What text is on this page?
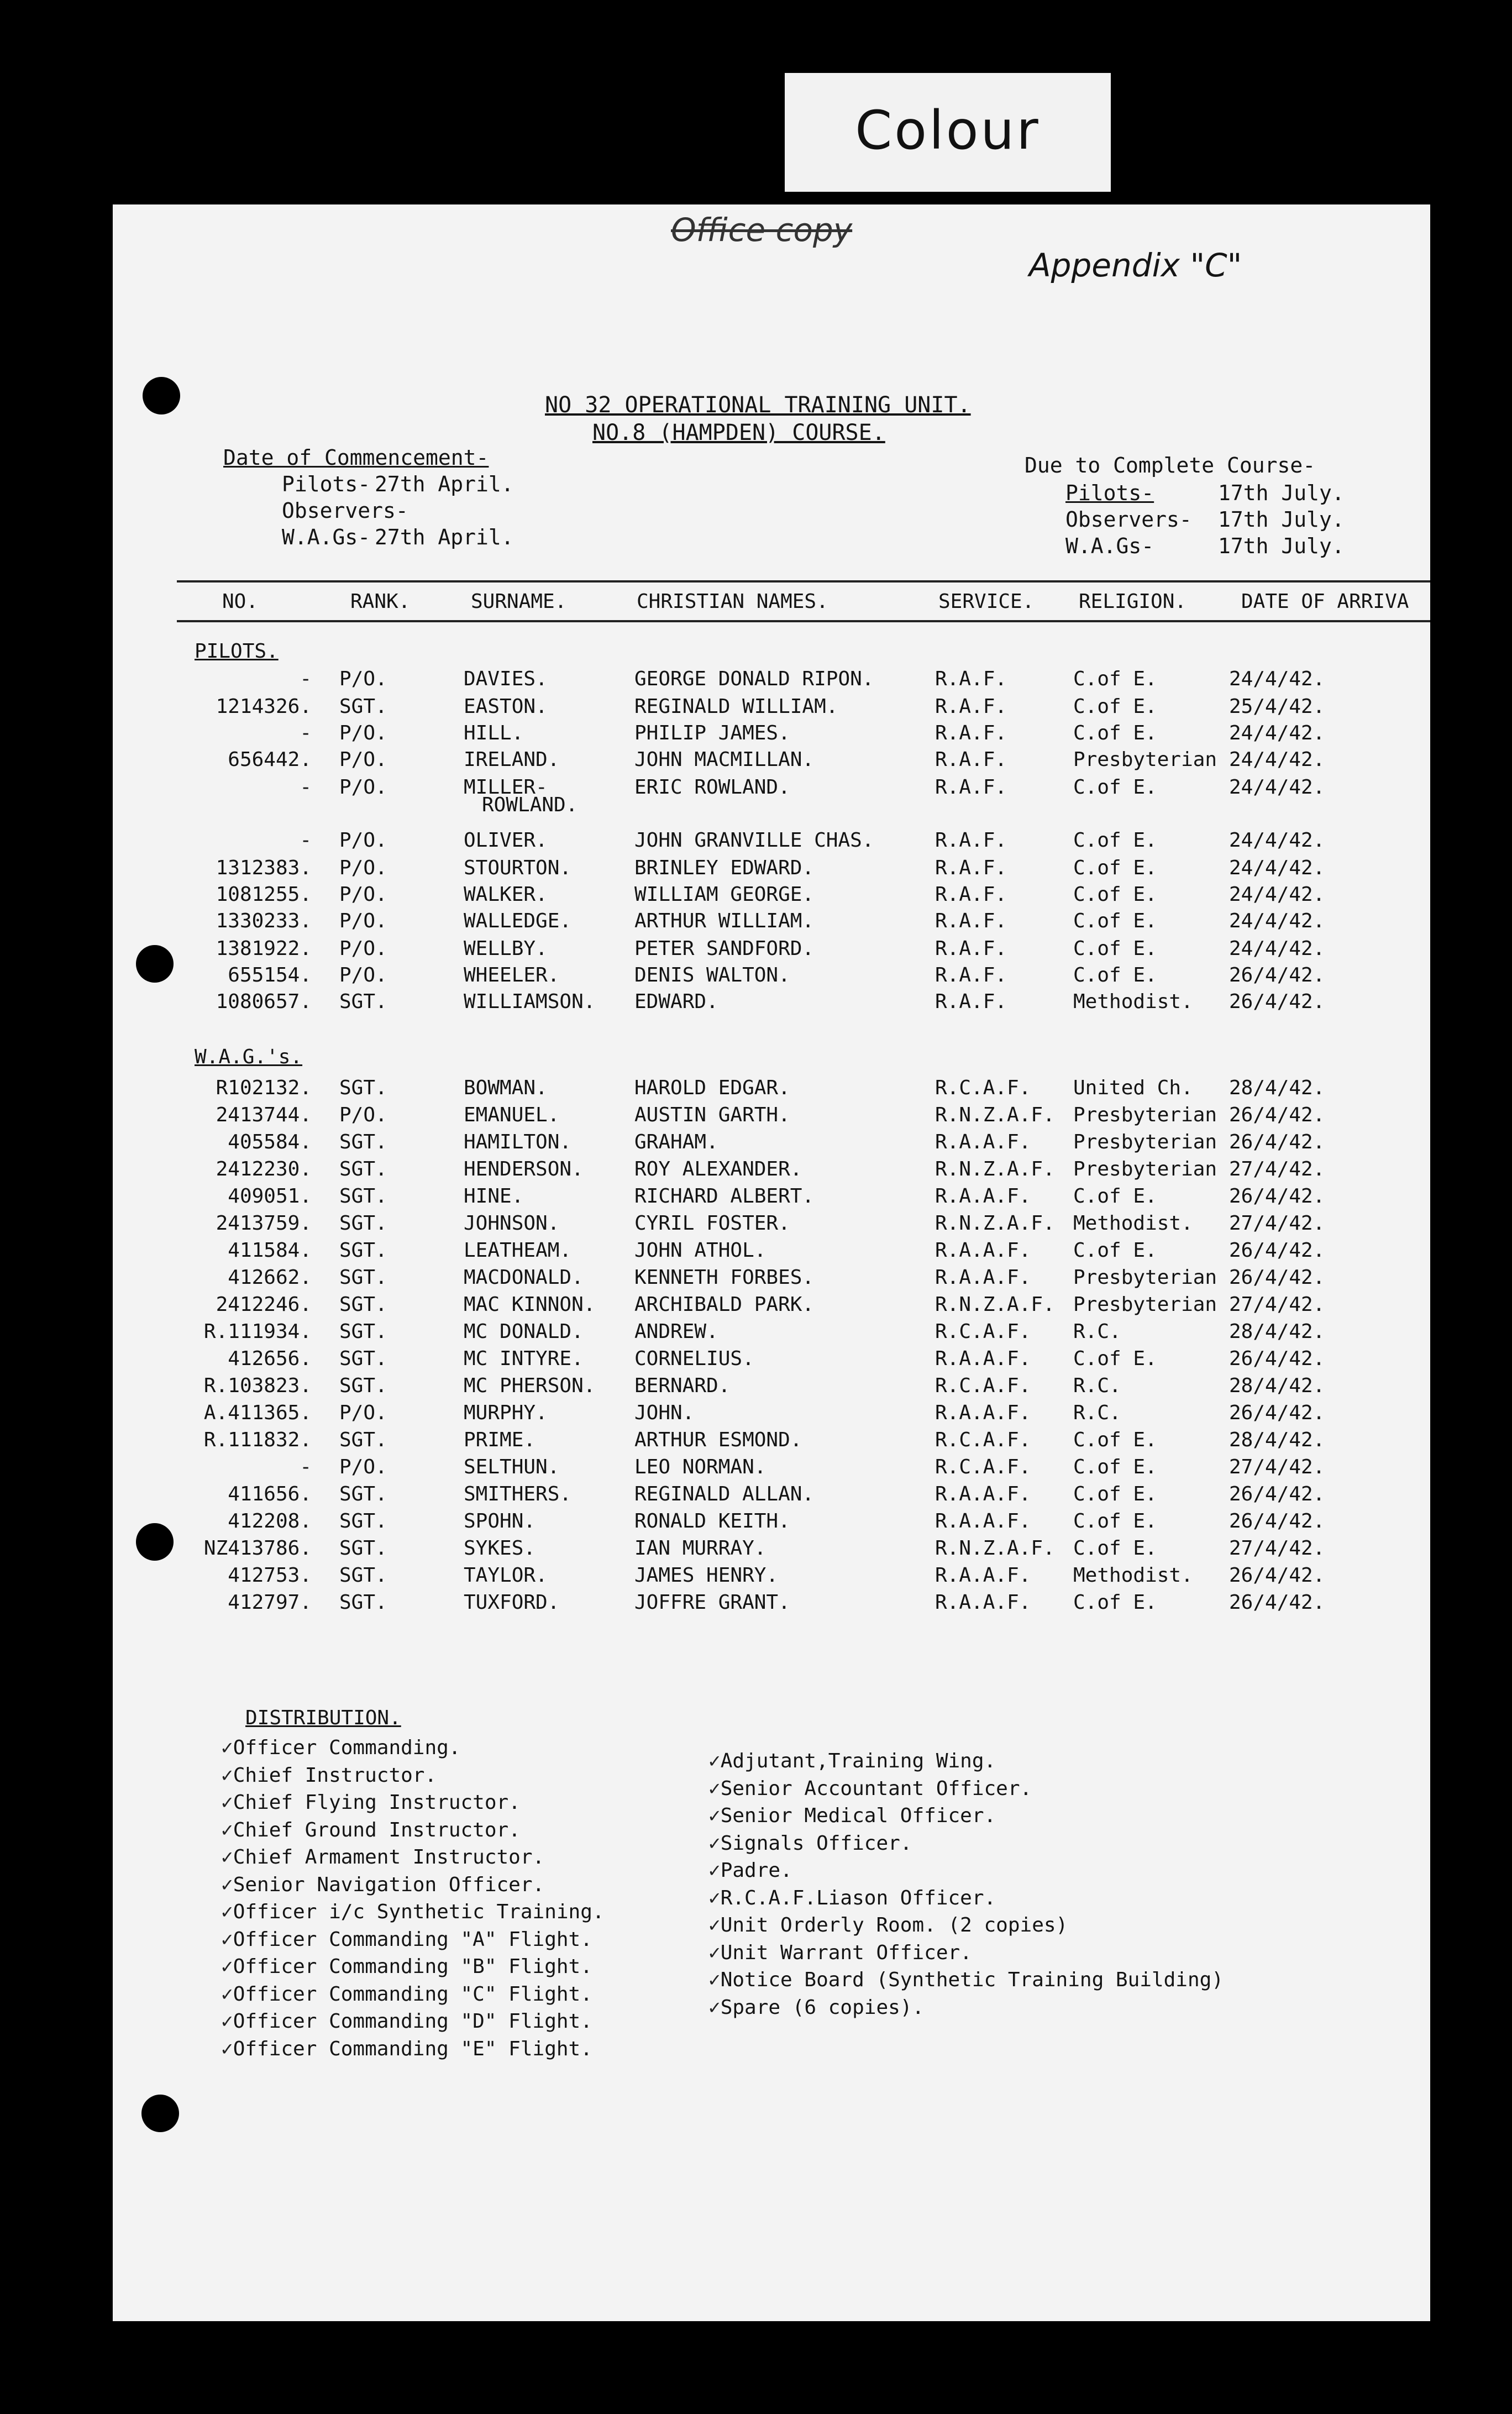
Colour
Office copy
Appendix "C"
NO 32 OPERATIONAL TRAINING UNIT.
NO.8 (HAMPDEN) COURSE.
Date of Commencement-
Pilots- 27th April.
Observers-
W.A.Gs- 27th April.
Due to Complete Course-
Pilots-	17th July.
Observers- 17th July.
W.A.Gs-	17th July.
NO.	RANK.	SURNAME.	CHRISTIAN NAMES.	SERVICE. RELIGION.	DATE OF ARRIVA
PILOTS.
- P/O.	DAVIES.	GEORGE DONALD RIPON.	R.A.F.	C.of E.	24/4/42.
1214326. SGT.	EASTON.	REGINALD WILLIAM.	R.A.F.	C.of E.	25/4/42.
- P/O.	HILL.	PHILIP JAMES.	R.A.F.	C.of E.	24/4/42.
656442. P/O.	IRELAND.	JOHN MACMILLAN.	R.A.F.	Presbyterian 24/4/42.
- P/O.	MILLER-	ERIC ROWLAND.	R.A.F.	C.of E.	24/4/42.
ROWLAND.
- P/O.	OLIVER.	JOHN GRANVILLE CHAS.	R.A.F.	C.of E.	24/4/42.
1312383. P/O.	STOURTON.	BRINLEY EDWARD.	R.A.F.	C.of E.	24/4/42.
1081255. P/O.	WALKER.	WILLIAM GEORGE.	R.A.F.	C.of E.	24/4/42.
1330233. P/O.	WALLEDGE.	ARTHUR WILLIAM.	R.A.F.	C.of E.	24/4/42.
1381922. P/O.	WELLBY.	PETER SANDFORD.	R.A.F.	C.of E.	24/4/42.
655154. P/O.	WHEELER.	DENIS WALTON.	R.A.F.	C.of E.	26/4/42.
1080657. SGT.	WILLIAMSON. EDWARD.	R.A.F.	Methodist. 26/4/42.
W.A.G.'s.
R102132. SGT.	BOWMAN.	HAROLD EDGAR.	R.C.A.F. United Ch. 28/4/42.
2413744. P/O.	EMANUEL.	AUSTIN GARTH.	R.N.Z.A.F. Presbyterian 26/4/42.
405584. SGT.	HAMILTON.	GRAHAM.	R.A.A.F. Presbyterian 26/4/42.
2412230. SGT.	HENDERSON.	ROY ALEXANDER.	R.N.Z.A.F. Presbyterian 27/4/42.
409051. SGT.	HINE.	RICHARD ALBERT.	R.A.A.F. C.of E.	26/4/42.
2413759. SGT.	JOHNSON.	CYRIL FOSTER.	R.N.Z.A.F. Methodist. 27/4/42.
411584. SGT.	LEATHEAM.	JOHN ATHOL.	R.A.A.F. C.of E.	26/4/42.
412662. SGT.	MACDONALD.	KENNETH FORBES.	R.A.A.F. Presbyterian 26/4/42.
2412246. SGT.	MAC KINNON. ARCHIBALD PARK.	R.N.Z.A.F. Presbyterian 27/4/42.
R.111934. SGT.	MC DONALD.	ANDREW.	R.C.A.F. R.C.	28/4/42.
412656. SGT.	MC INTYRE.	CORNELIUS.	R.A.A.F. C.of E.	26/4/42.
R.103823. SGT.	MC PHERSON. BERNARD.	R.C.A.F. R.C.	28/4/42.
A.411365. P/O.	MURPHY.	JOHN.	R.A.A.F. R.C.	26/4/42.
R.111832. SGT.	PRIME.	ARTHUR ESMOND.	R.C.A.F. C.of E.	28/4/42.
- P/O.	SELTHUN.	LEO NORMAN.	R.C.A.F. C.of E.	27/4/42.
411656. SGT.	SMITHERS.	REGINALD ALLAN.	R.A.A.F. C.of E.	26/4/42.
412208. SGT.	SPOHN.	RONALD KEITH.	R.A.A.F. C.of E.	26/4/42.
NZ413786. SGT.	SYKES.	IAN MURRAY.	R.N.Z.A.F. C.of E.	27/4/42.
412753. SGT.	TAYLOR.	JAMES HENRY.	R.A.A.F. Methodist. 26/4/42.
412797. SGT.	TUXFORD.	JOFFRE GRANT.	R.A.A.F. C.of E.	26/4/42.
DISTRIBUTION.
✓Officer Commanding.
✓Chief Instructor.
✓Chief Flying Instructor.
✓Chief Ground Instructor.
✓Chief Armament Instructor.
✓Senior Navigation Officer.
✓Officer i/c Synthetic Training.
✓Officer Commanding "A" Flight.
✓Officer Commanding "B" Flight.
✓Officer Commanding "C" Flight.
✓Officer Commanding "D" Flight.
✓Officer Commanding "E" Flight.
✓Adjutant,Training Wing.
✓Senior Accountant Officer.
✓Senior Medical Officer.
✓Signals Officer.
✓Padre.
✓R.C.A.F.Liason Officer.
✓Unit Orderly Room. (2 copies)
✓Unit Warrant Officer.
✓Notice Board (Synthetic Training Building)
✓Spare (6 copies).
